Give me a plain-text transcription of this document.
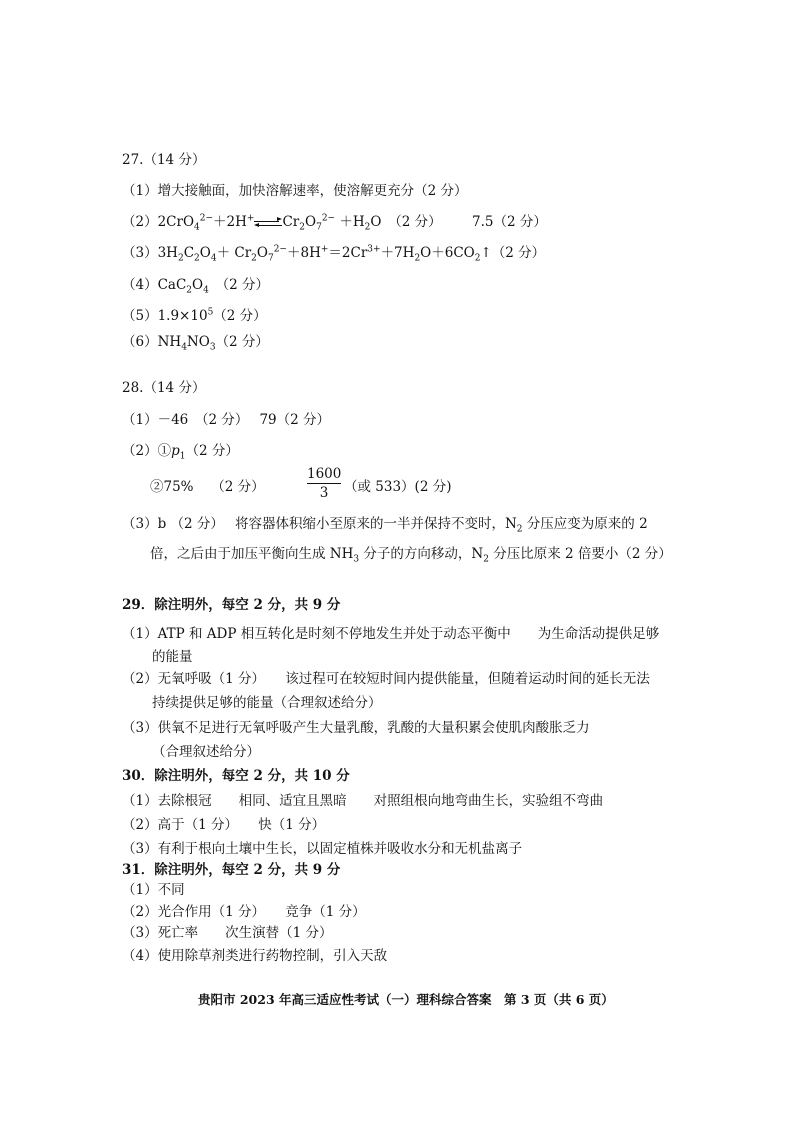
27.（14 分）
（1）增大接触面，加快溶解速率，使溶解更充分（2 分）
（2）2CrO$_4^{2-}$＋2H+ $Cr_2O_7^{2-} +H_2O$　（2 分） 7.5（2 分）
$(3)3H_2C_2O_4+$ $Cr_2O_7^{2-}+8H^+=2Cr^{3+}+7H_2O+6CO_2↑(2$ 分）
$(4)CaC_2O_4$　（2 分）
$(5)1.9\times 10^5(2$ 分）
$(6)NH_4NO_3(2$ 分）
28.（14 分）
（1）－46　（2 分）　 79（2 分）
$(2)①p_1(2$ 分）
②75%　 （2 分）
1600
3	（或 533）(2 分)
（3）b （2 分）　 将容器体积缩小至原来的一半并保持不变时，$N_2$ 分压应变为原来的 2
倍，之后由于加压平衡向生成 $NH_3$ 分子的方向移动，$N_2$ 分压比原来 2 倍要小（2 分）
29．除注明外，每空 2 分，共 9 分
（1）ATP 和 ADP 相互转化是时刻不停地发生并处于动态平衡中　　为生命活动提供足够
的能量
（2）无氧呼吸（1 分）　　该过程可在较短时间内提供能量，但随着运动时间的延长无法
持续提供足够的能量（合理叙述给分）
（3）供氧不足进行无氧呼吸产生大量乳酸，乳酸的大量积累会使肌肉酸胀乏力
（合理叙述给分）
30．除注明外，每空 2 分，共 10 分
（1）去除根冠　　相同、适宜且黑暗　　对照组根向地弯曲生长，实验组不弯曲
（2）高于（1 分）　　快（1 分）
（3）有利于根向土壤中生长，以固定植株并吸收水分和无机盐离子
31．除注明外，每空 2 分，共 9 分
（1）不同
（2）光合作用（1 分）　　竞争（1 分）
（3）死亡率　　次生演替（1 分）
（4）使用除草剂类进行药物控制，引入天敌
贵阳市 2023 年高三适应性考试（一）理科综合答案　第 3 页（共 6 页）
